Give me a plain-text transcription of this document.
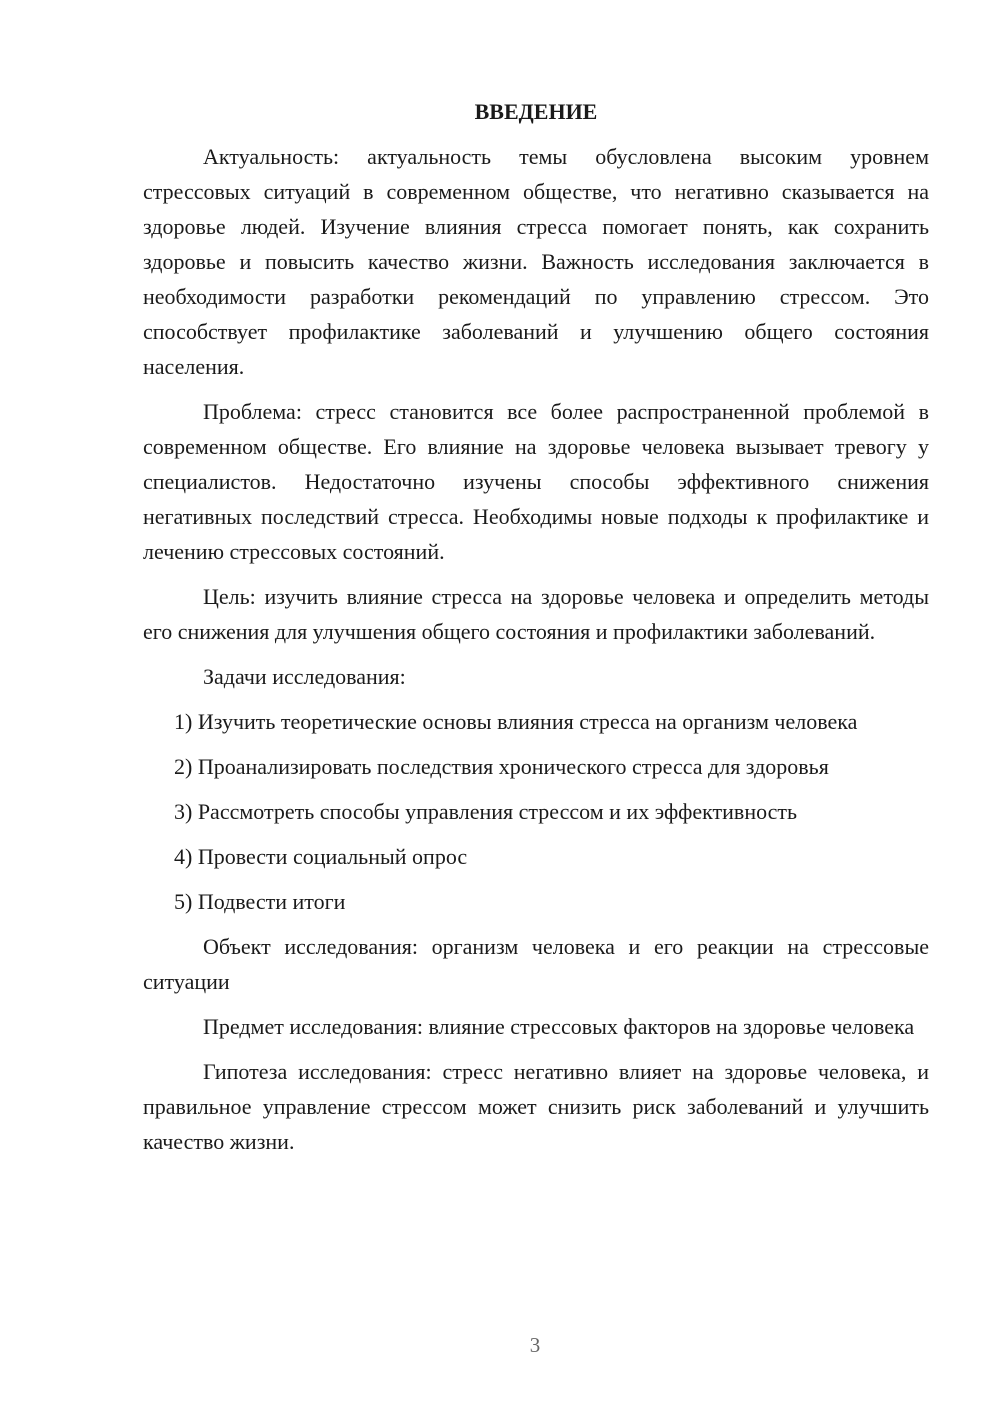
ВВЕДЕНИЕ

Актуальность: актуальность темы обусловлена высоким уровнем стрессовых ситуаций в современном обществе, что негативно сказывается на здоровье людей. Изучение влияния стресса помогает понять, как сохранить здоровье и повысить качество жизни. Важность исследования заключается в необходимости разработки рекомендаций по управлению стрессом. Это способствует профилактике заболеваний и улучшению общего состояния населения.

Проблема: стресс становится все более распространенной проблемой в современном обществе. Его влияние на здоровье человека вызывает тревогу у специалистов. Недостаточно изучены способы эффективного снижения негативных последствий стресса. Необходимы новые подходы к профилактике и лечению стрессовых состояний.

Цель: изучить влияние стресса на здоровье человека и определить методы его снижения для улучшения общего состояния и профилактики заболеваний.

Задачи исследования:

1) Изучить теоретические основы влияния стресса на организм человека

2) Проанализировать последствия хронического стресса для здоровья

3) Рассмотреть способы управления стрессом и их эффективность

4) Провести социальный опрос

5) Подвести итоги

Объект исследования: организм человека и его реакции на стрессовые ситуации

Предмет исследования: влияние стрессовых факторов на здоровье человека

Гипотеза исследования: стресс негативно влияет на здоровье человека, и правильное управление стрессом может снизить риск заболеваний и улучшить качество жизни.

3
